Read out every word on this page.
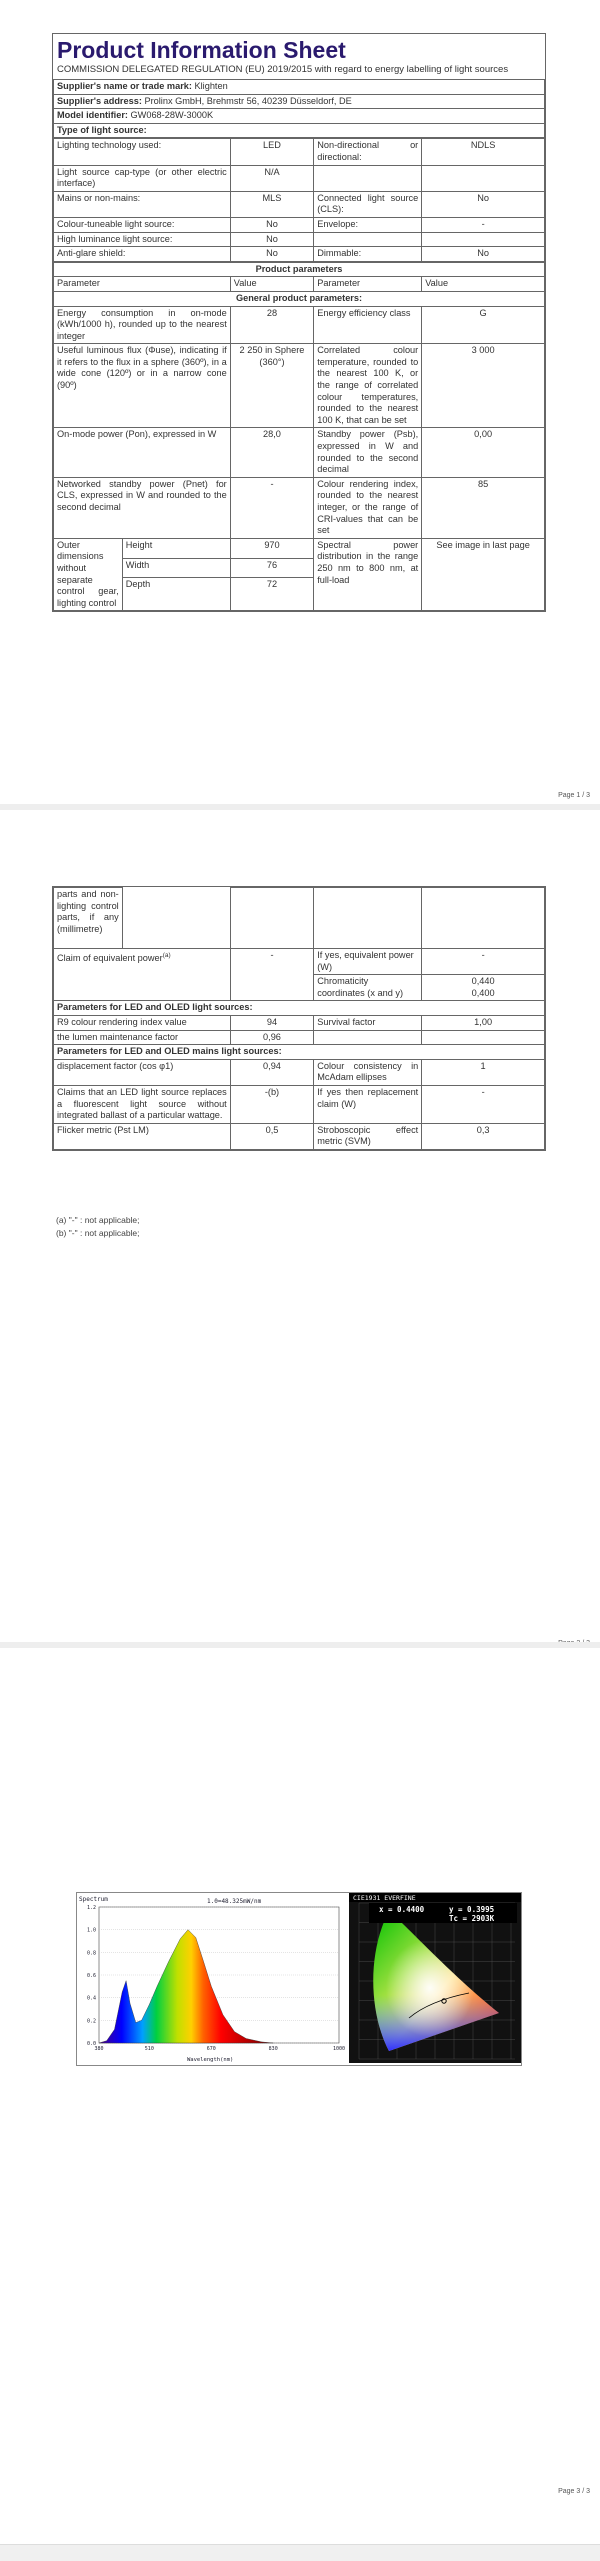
Product Information Sheet
COMMISSION DELEGATED REGULATION (EU) 2019/2015 with regard to energy labelling of light sources
Supplier's name or trade mark: Klighten
Supplier's address: Prolinx GmbH, Brehmstr 56, 40239 Düsseldorf, DE
Model identifier: GW068-28W-3000K
Type of light source:
Lighting technology used:	LED	Non-directional or directional:	NDLS
Light source cap-type (or other electric interface)	N/A		
Mains or non-mains:	MLS	Connected light source (CLS):	No
Colour-tuneable light source:	No	Envelope:	-
High luminance light source:	No		
Anti-glare shield:	No	Dimmable:	No
Product parameters			
Parameter	Value	Parameter	Value
General product parameters:			
Energy consumption in on-mode (kWh/1000 h), rounded up to the nearest integer	28	Energy efficiency class	G
Useful luminous flux (Φuse), indicating if it refers to the flux in a sphere (360º), in a wide cone (120º) or in a narrow cone (90º)	2 250 in Sphere (360°)	Correlated colour temperature, rounded to the nearest 100 K, or the range of correlated colour temperatures, rounded to the nearest 100 K, that can be set	3 000
On-mode power (Pon), expressed in W	28,0	Standby power (Psb), expressed in W and rounded to the second decimal	0,00
Networked standby power (Pnet) for CLS, expressed in W and rounded to the second decimal	-	Colour rendering index, rounded to the nearest integer, or the range of CRI-values that can be set	85
Outer dimensions without separate control gear, lighting control	Height	970	Spectral power distribution in the range 250 nm to 800 nm, at full-load	See image in last page
	Width	76		
	Depth	72		
Page 1 / 3
parts and non-lighting control parts, if any (millimetre)				
Claim of equivalent power$^{(a)}$	-	If yes, equivalent power (W)	-
		Chromaticity coordinates (x and y)	0,440
0,400
Parameters for LED and OLED light sources:			
R9 colour rendering index value	94	Survival factor	1,00
the lumen maintenance factor	0,96		
Parameters for LED and OLED mains light sources:			
displacement factor (cos φ1)	0,94	Colour consistency in McAdam ellipses	1
Claims that an LED light source replaces a fluorescent light source without integrated ballast of a particular wattage.	-(b)	If yes then replacement claim (W)	-
Flicker metric (Pst LM)	0,5	Stroboscopic effect metric (SVM)	0,3
(a) "-" : not applicable;
(b) "-" : not applicable;
Spectrum	1.0=48.325mW/nm
Wavelength(nm)
1.2
1.0
0.8
0.6
0.4
0.2
0.0
380	510	670	830	1000
CIE1931 EVERFINE
x = 0.4400	y = 0.3995
Tc = 2903K
Page 3 / 3
